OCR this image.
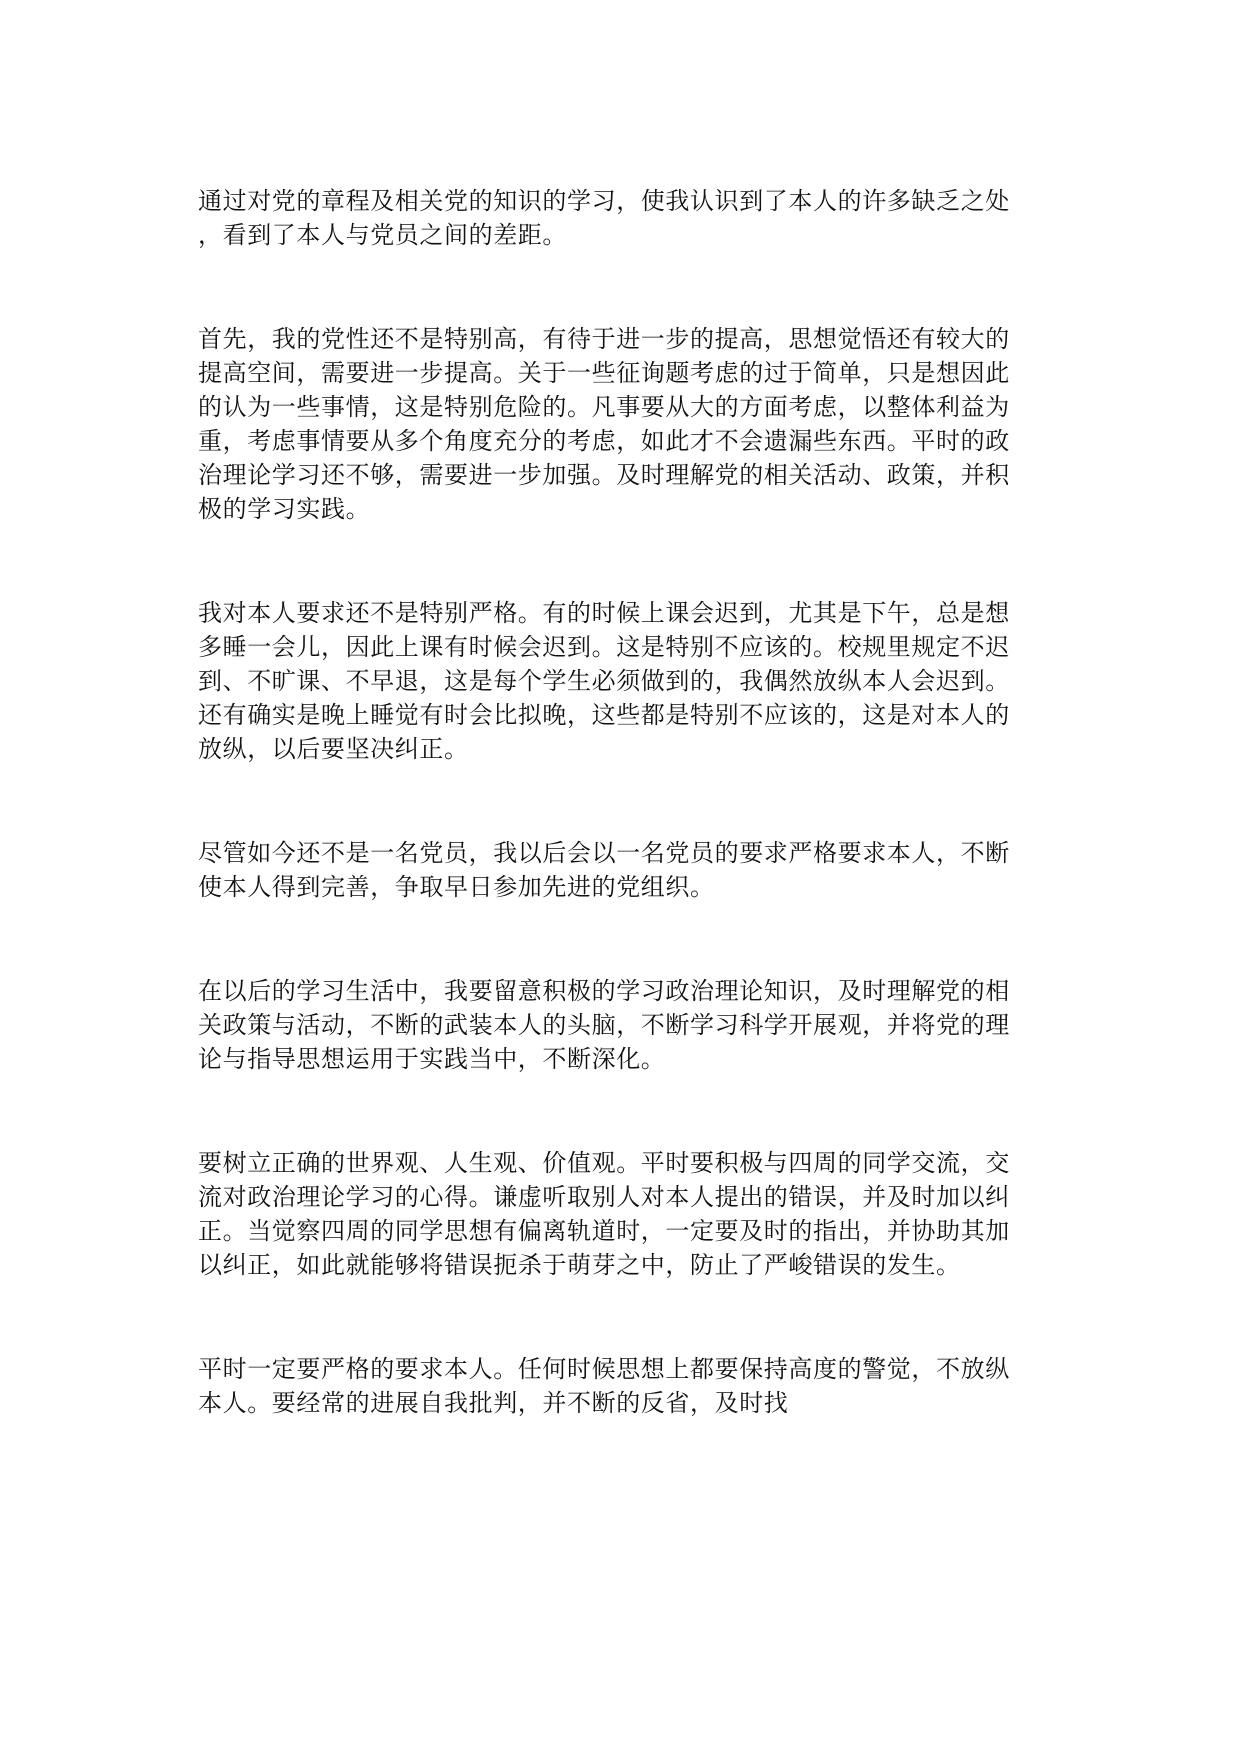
通过对党的章程及相关党的知识的学习，使我认识到了本人的许多缺乏之处
，看到了本人与党员之间的差距。

首先，我的党性还不是特别高，有待于进一步的提高，思想觉悟还有较大的
提高空间，需要进一步提高。关于一些征询题考虑的过于简单，只是想因此
的认为一些事情，这是特别危险的。凡事要从大的方面考虑，以整体利益为
重，考虑事情要从多个角度充分的考虑，如此才不会遗漏些东西。平时的政
治理论学习还不够，需要进一步加强。及时理解党的相关活动、政策，并积
极的学习实践。

我对本人要求还不是特别严格。有的时候上课会迟到，尤其是下午，总是想
多睡一会儿，因此上课有时候会迟到。这是特别不应该的。校规里规定不迟
到、不旷课、不早退，这是每个学生必须做到的，我偶然放纵本人会迟到。
还有确实是晚上睡觉有时会比拟晚，这些都是特别不应该的，这是对本人的
放纵，以后要坚决纠正。

尽管如今还不是一名党员，我以后会以一名党员的要求严格要求本人，不断
使本人得到完善，争取早日参加先进的党组织。

在以后的学习生活中，我要留意积极的学习政治理论知识，及时理解党的相
关政策与活动，不断的武装本人的头脑，不断学习科学开展观，并将党的理
论与指导思想运用于实践当中，不断深化。

要树立正确的世界观、人生观、价值观。平时要积极与四周的同学交流，交
流对政治理论学习的心得。谦虚听取别人对本人提出的错误，并及时加以纠
正。当觉察四周的同学思想有偏离轨道时，一定要及时的指出，并协助其加
以纠正，如此就能够将错误扼杀于萌芽之中，防止了严峻错误的发生。

平时一定要严格的要求本人。任何时候思想上都要保持高度的警觉，不放纵
本人。要经常的进展自我批判，并不断的反省，及时找
